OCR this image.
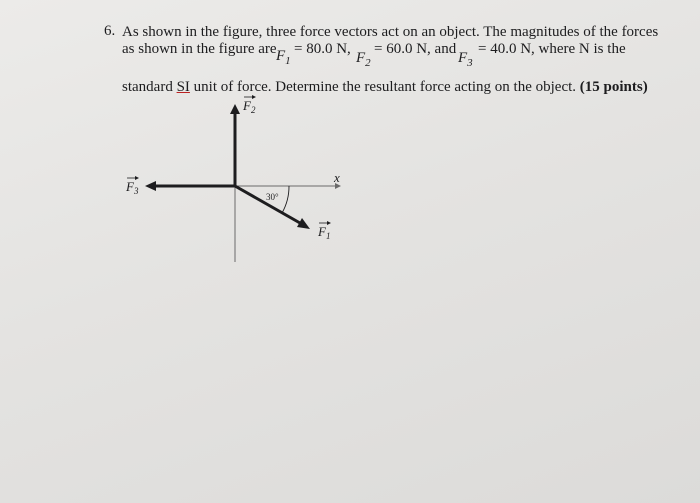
6. As shown in the figure, three force vectors act on an object. The magnitudes of the forces
as shown in the figure are $F_1$
= 80.0 N,
$F_2$
= 60.0 N, and
$F_3$
= 40.0 N, where N is the
standard SI unit of force. Determine the resultant force acting on the object. (15 points)
x
$F_2$
$F_3$
$F_1$
30°
